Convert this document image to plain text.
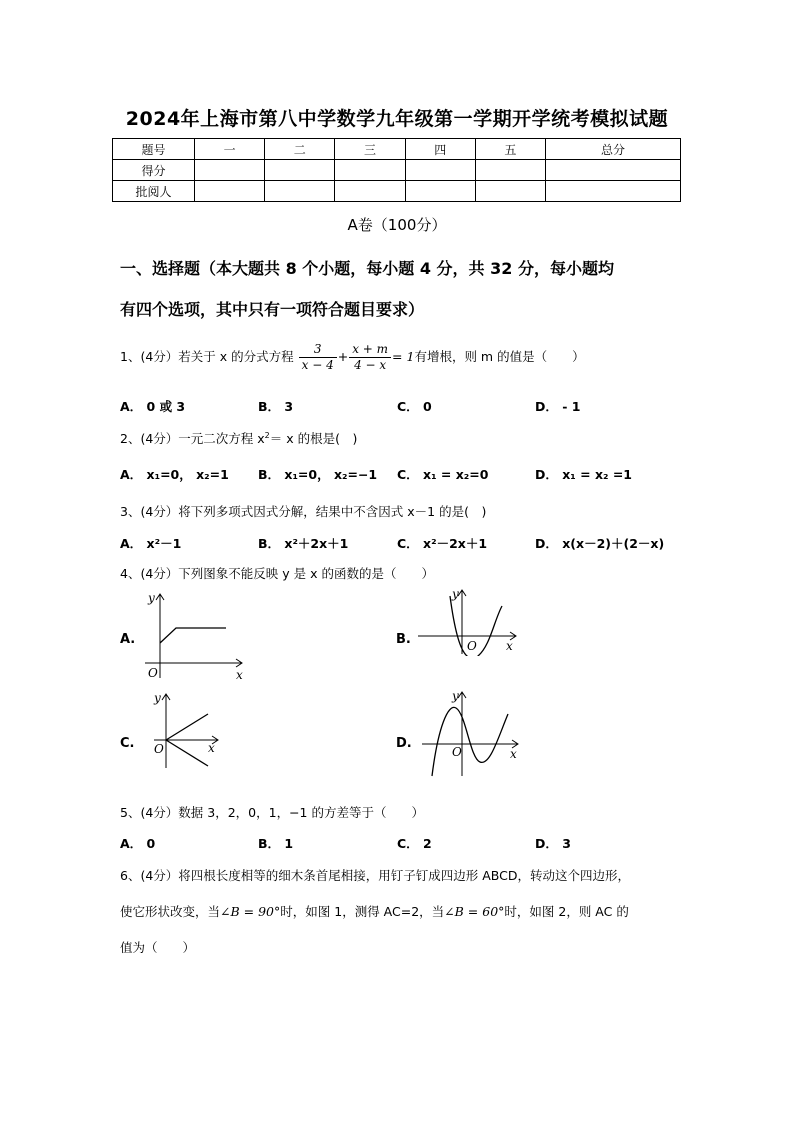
2024年上海市第八中学数学九年级第一学期开学统考模拟试题
题号	一	二	三	四	五	总分
得分						
批阅人						
A卷（100分）
一、选择题（本大题共 8 个小题，每小题 4 分，共 32 分，每小题均
有四个选项，其中只有一项符合题目要求）
1、(4分）若关于 x 的分式方程 $\frac{3}{x - 4} + \frac{x + m}{4 - x} = 1$有增根，则 m 的值是（　　）
A． 0 或 3	B． 3	C． 0	D． - 1
2、(4分）一元二次方程 $x^2= x$ 的根是(　)
A． x₁=0， x₂=1 B． x₁=0， x₂=−1 C． x₁ = x₂=0	D． x₁ = x₂ =1
3、(4分）将下列多项式因式分解，结果中不含因式 x－1 的是(　)
A． x²－1	B． x²＋2x＋1	C． x²－2x＋1	D． x(x－2)＋(2－x)
4、(4分）下列图象不能反映 y 是 x 的函数的是（　　）
A.	B.
C.	D.
y
x
O
y
x
O
y
x
O
y
x
O
5、(4分）数据 3，2，0，1，−1 的方差等于（　　）
A． 0	B． 1	C． 2	D． 3
6、(4分）将四根长度相等的细木条首尾相接，用钉子钉成四边形 ABCD，转动这个四边形，
使它形状改变，当∠B = 90°时，如图 1，测得 AC=2，当∠B = 60°时，如图 2，则 AC 的
值为（　　）
